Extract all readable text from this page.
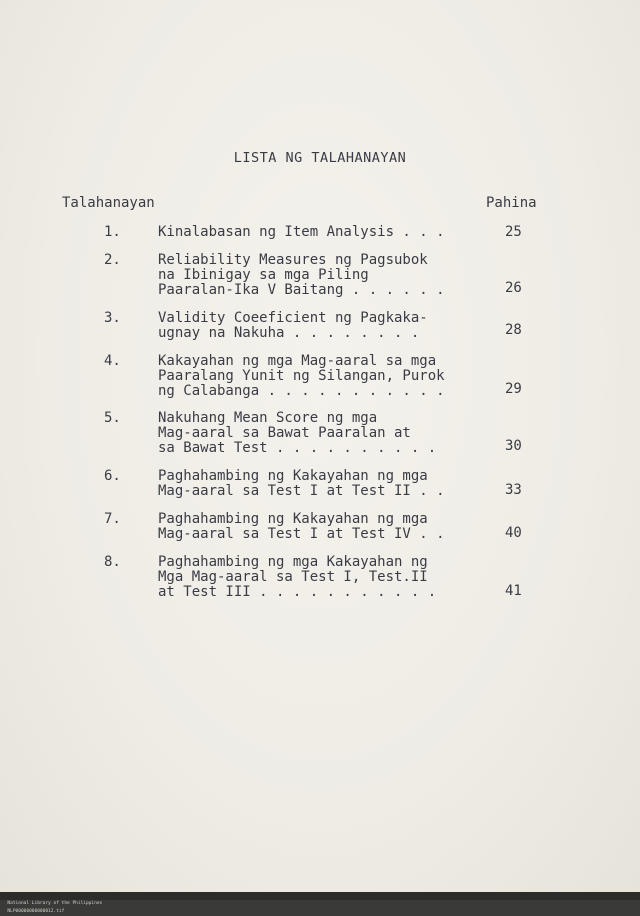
LISTA NG TALAHANAYAN
Talahanayan	Pahina
1.	Kinalabasan ng Item Analysis . . .	25
2.	Reliability Measures ng Pagsubok
na Ibinigay sa mga Piling
Paaralan-Ika V Baitang . . . . . .	26
3.	Validity Coeeficient ng Pagkaka-
ugnay na Nakuha . . . . . . . .	28
4.	Kakayahan ng mga Mag-aaral sa mga
Paaralang Yunit ng Silangan, Purok
ng Calabanga . . . . . . . . . . .	29
5.	Nakuhang Mean Score ng mga
Mag-aaral sa Bawat Paaralan at
sa Bawat Test . . . . . . . . . .	30
6.	Paghahambing ng Kakayahan ng mga
Mag-aaral sa Test I at Test II . .	33
7.	Paghahambing ng Kakayahan ng mga
Mag-aaral sa Test I at Test IV . .	40
8.	Paghahambing ng mga Kakayahan ng
Mga Mag-aaral sa Test I, Test.II
at Test III . . . . . . . . . . .	41

National Library of the Philippines
NLP00000000000012.tif
